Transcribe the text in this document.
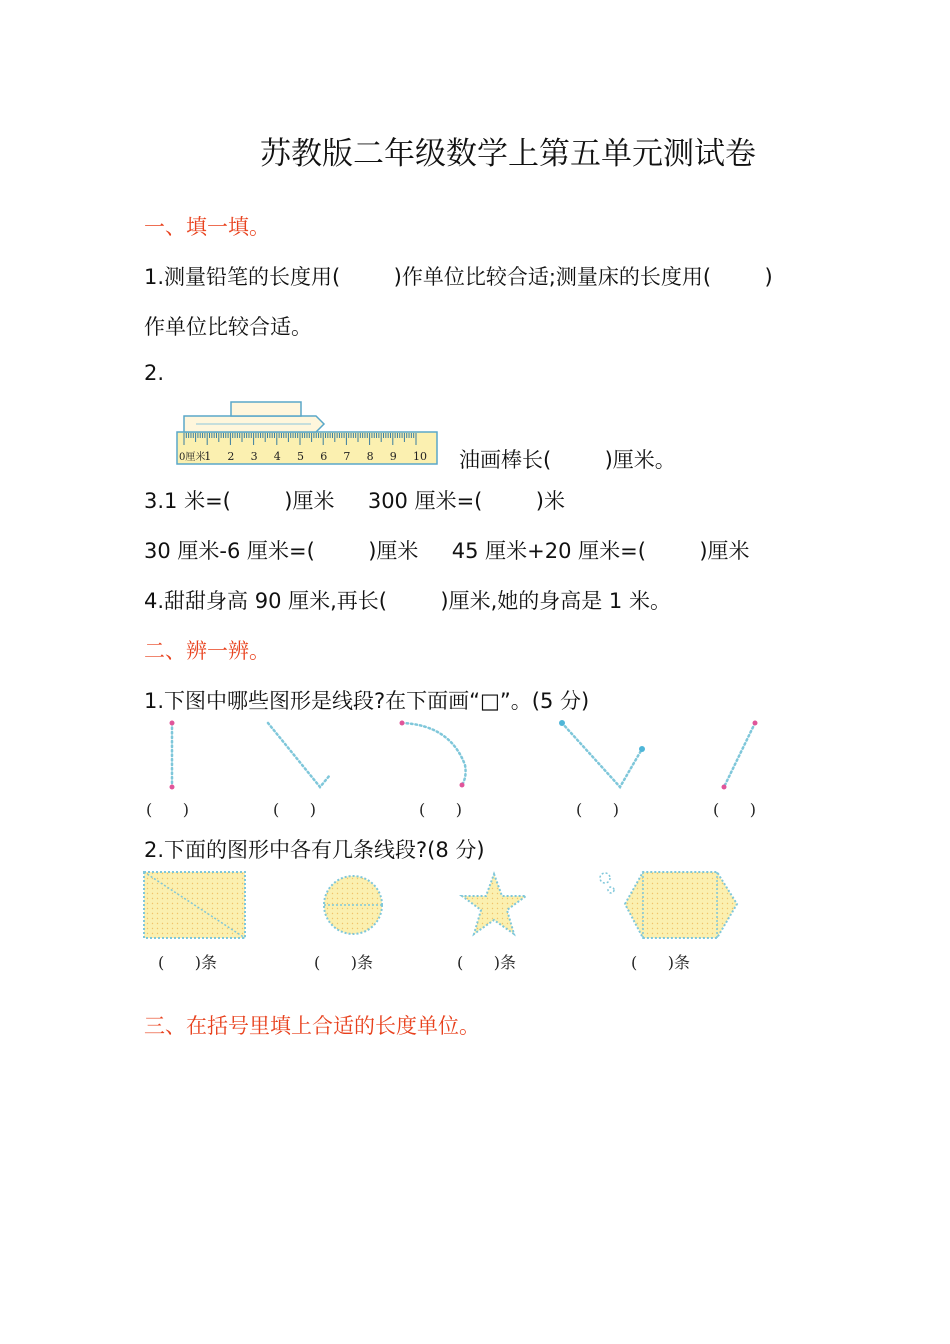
苏教版二年级数学上第五单元测试卷
一、填一填。
1.测量铅笔的长度用(        )作单位比较合适;测量床的长度用(        )
作单位比较合适。
2.
0厘米
1 2 3 4 5 6 7 8 9 10 油画棒长(        )厘米。
3.1 米=(        )厘米     300 厘米=(        )米
30 厘米-6 厘米=(        )厘米     45 厘米+20 厘米=(        )厘米
4.甜甜身高 90 厘米,再长(        )厘米,她的身高是 1 米。
二、辨一辨。
1.下图中哪些图形是线段?在下面画“□”。(5 分)
(      )	(      )	(      )	(      )	(      )
2.下面的图形中各有几条线段?(8 分)
(      )条	(      )条	(      )条	(      )条
三、在括号里填上合适的长度单位。
